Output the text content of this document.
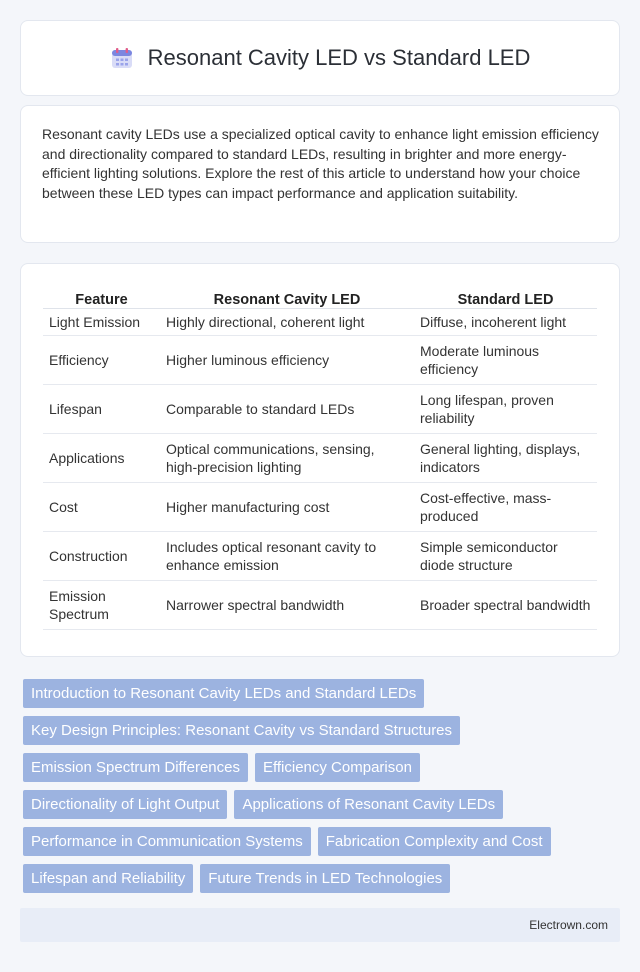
Resonant Cavity LED vs Standard LED

Resonant cavity LEDs use a specialized optical cavity to enhance light emission efficiency and directionality compared to standard LEDs, resulting in brighter and more energy-efficient lighting solutions. Explore the rest of this article to understand how your choice between these LED types can impact performance and application suitability.

Feature	Resonant Cavity LED	Standard LED
Light Emission	Highly directional, coherent light	Diffuse, incoherent light
Efficiency	Higher luminous efficiency	Moderate luminous efficiency
Lifespan	Comparable to standard LEDs	Long lifespan, proven reliability
Applications	Optical communications, sensing, high-precision lighting	General lighting, displays, indicators
Cost	Higher manufacturing cost	Cost-effective, mass-produced
Construction	Includes optical resonant cavity to enhance emission	Simple semiconductor diode structure
Emission Spectrum	Narrower spectral bandwidth	Broader spectral bandwidth
Introduction to Resonant Cavity LEDs and Standard LEDs
Key Design Principles: Resonant Cavity vs Standard Structures
Emission Spectrum Differences	Efficiency Comparison
Directionality of Light Output	Applications of Resonant Cavity LEDs
Performance in Communication Systems	Fabrication Complexity and Cost
Lifespan and Reliability	Future Trends in LED Technologies
Electrown.com
